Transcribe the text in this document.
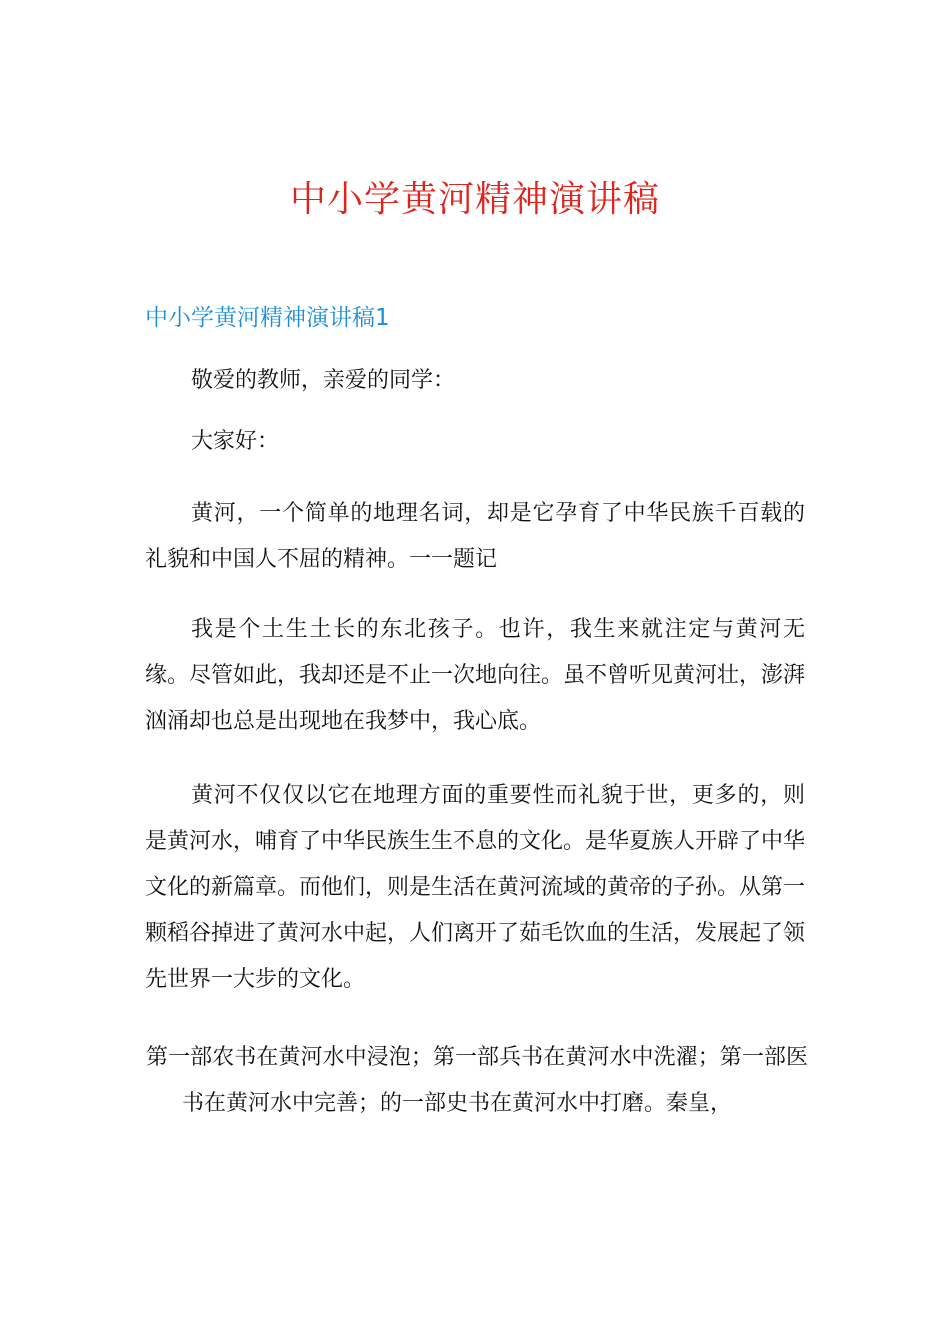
中小学黄河精神演讲稿
中小学黄河精神演讲稿1

敬爱的教师，亲爱的同学：

大家好：

黄河，一个简单的地理名词，却是它孕育了中华民族千百载的礼貌和中国人不屈的精神。一一题记

我是个土生土长的东北孩子。也许，我生来就注定与黄河无缘。尽管如此，我却还是不止一次地向往。虽不曾听见黄河壮，澎湃汹涌却也总是出现地在我梦中，我心底。

黄河不仅仅以它在地理方面的重要性而礼貌于世，更多的，则是黄河水，哺育了中华民族生生不息的文化。是华夏族人开辟了中华文化的新篇章。而他们，则是生活在黄河流域的黄帝的子孙。从第一颗稻谷掉进了黄河水中起，人们离开了茹毛饮血的生活，发展起了领先世界一大步的文化。

第一部农书在黄河水中浸泡；第一部兵书在黄河水中洗濯；第一部医书在黄河水中完善；的一部史书在黄河水中打磨。秦皇，
